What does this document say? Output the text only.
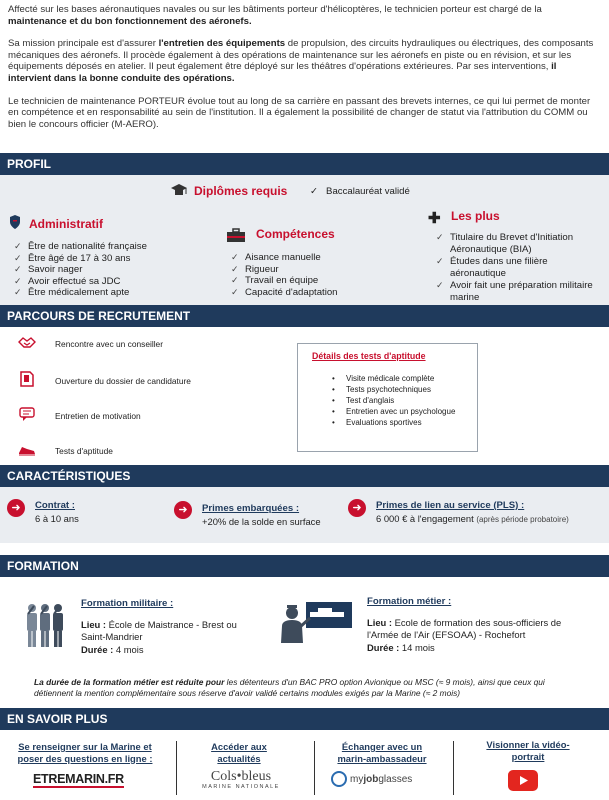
Affecté sur les bases aéronautiques navales ou sur les bâtiments porteur d'hélicoptères, le technicien porteur est chargé de la maintenance et du bon fonctionnement des aéronefs.

Sa mission principale est d'assurer l'entretien des équipements de propulsion, des circuits hydrauliques ou électriques, des composants mécaniques des aéronefs. Il procède également à des opérations de maintenance sur les aéronefs en piste ou en révision, et sur les équipements déposés en atelier. Il peut également être déployé sur les théâtres d'opérations extérieures. Par ses interventions, il intervient dans la bonne conduite des opérations.

Le technicien de maintenance PORTEUR évolue tout au long de sa carrière en passant des brevets internes, ce qui lui permet de monter en compétence et en responsabilité au sein de l'institution. Il a également la possibilité de changer de statut via l'attribution du COMM ou bien le concours officier (M-AERO).

PROFIL
Diplômes requis ✓ Baccalauréat validé
Administratif
✓ Être de nationalité française
✓ Être âgé de 17 à 30 ans
✓ Savoir nager
✓ Avoir effectué sa JDC
✓ Être médicalement apte
Compétences
✓ Aisance manuelle
✓ Rigueur
✓ Travail en équipe
✓ Capacité d'adaptation
✚ Les plus
✓ Titulaire du Brevet d'Initiation Aéronautique (BIA)
✓ Études dans une filière aéronautique
✓ Avoir fait une préparation militaire marine
PARCOURS DE RECRUTEMENT
Rencontre avec un conseiller
Ouverture du dossier de candidature
Entretien de motivation
Tests d'aptitude
Détails des tests d'aptitude
• Visite médicale complète
• Tests psychotechniques
• Test d'anglais
• Entretien avec un psychologue
• Evaluations sportives
CARACTÉRISTIQUES
➜
Contrat :
6 à 10 ans
➜
Primes embarquées :
+20% de la solde en surface
➜
Primes de lien au service (PLS) :
6 000 € à l'engagement (après période probatoire)
FORMATION
Formation militaire :
Lieu : École de Maistrance - Brest ou Saint-Mandrier
Durée : 4 mois
Formation métier :
Lieu : Ecole de formation des sous-officiers de l'Armée de l'Air (EFSOAA) - Rochefort
Durée : 14 mois
La durée de la formation métier est réduite pour les détenteurs d'un BAC PRO option Avionique ou MSC (≈ 9 mois), ainsi que ceux qui détiennent la mention complémentaire sous réserve d'avoir validé certains modules exigés par la Marine (≈ 2 mois)
EN SAVOIR PLUS
Se renseigner sur la Marine et poser des questions en ligne :
ETREMARIN.FR
Accéder aux actualités
Cols•bleus
MARINE NATIONALE
Échanger avec un marin-ambassadeur
myjobglasses
Visionner la vidéo-portrait
